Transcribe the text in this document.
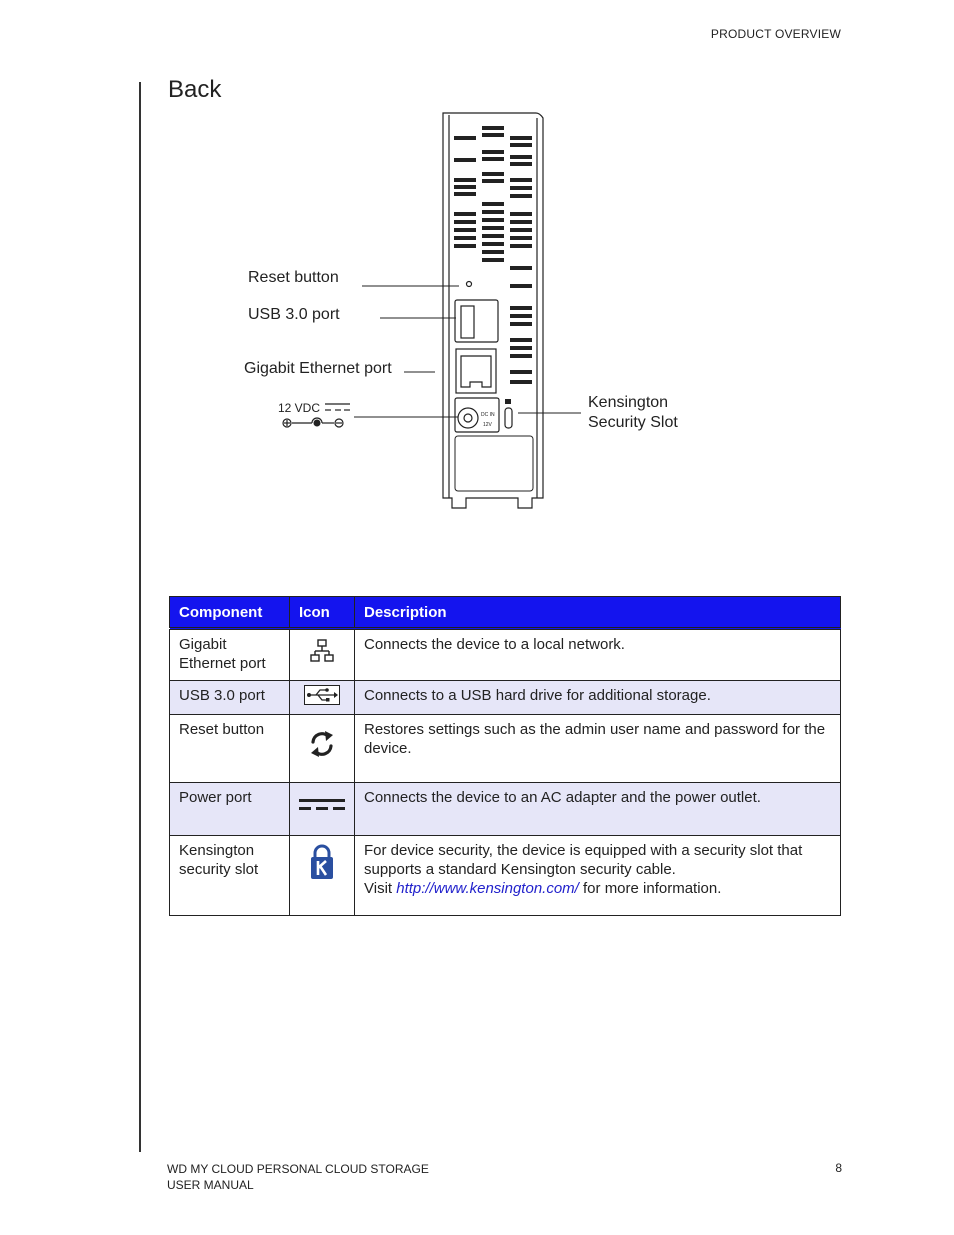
PRODUCT OVERVIEW
Back
12 VDC	DC IN
12V
Reset button
USB 3.0 port
Gigabit Ethernet port
Kensington
Security Slot
Component	Icon	Description
Gigabit Ethernet port		Connects the device to a local network.
USB 3.0 port		Connects to a USB hard drive for additional storage.
Reset button		Restores settings such as the admin user name and password for the device.
Power port		Connects the device to an AC adapter and the power outlet.
Kensington security slot		For device security, the device is equipped with a security slot that supports a standard Kensington security cable.
Visit http://www.kensington.com/ for more information.
WD MY CLOUD PERSONAL CLOUD STORAGE
USER MANUAL
8
